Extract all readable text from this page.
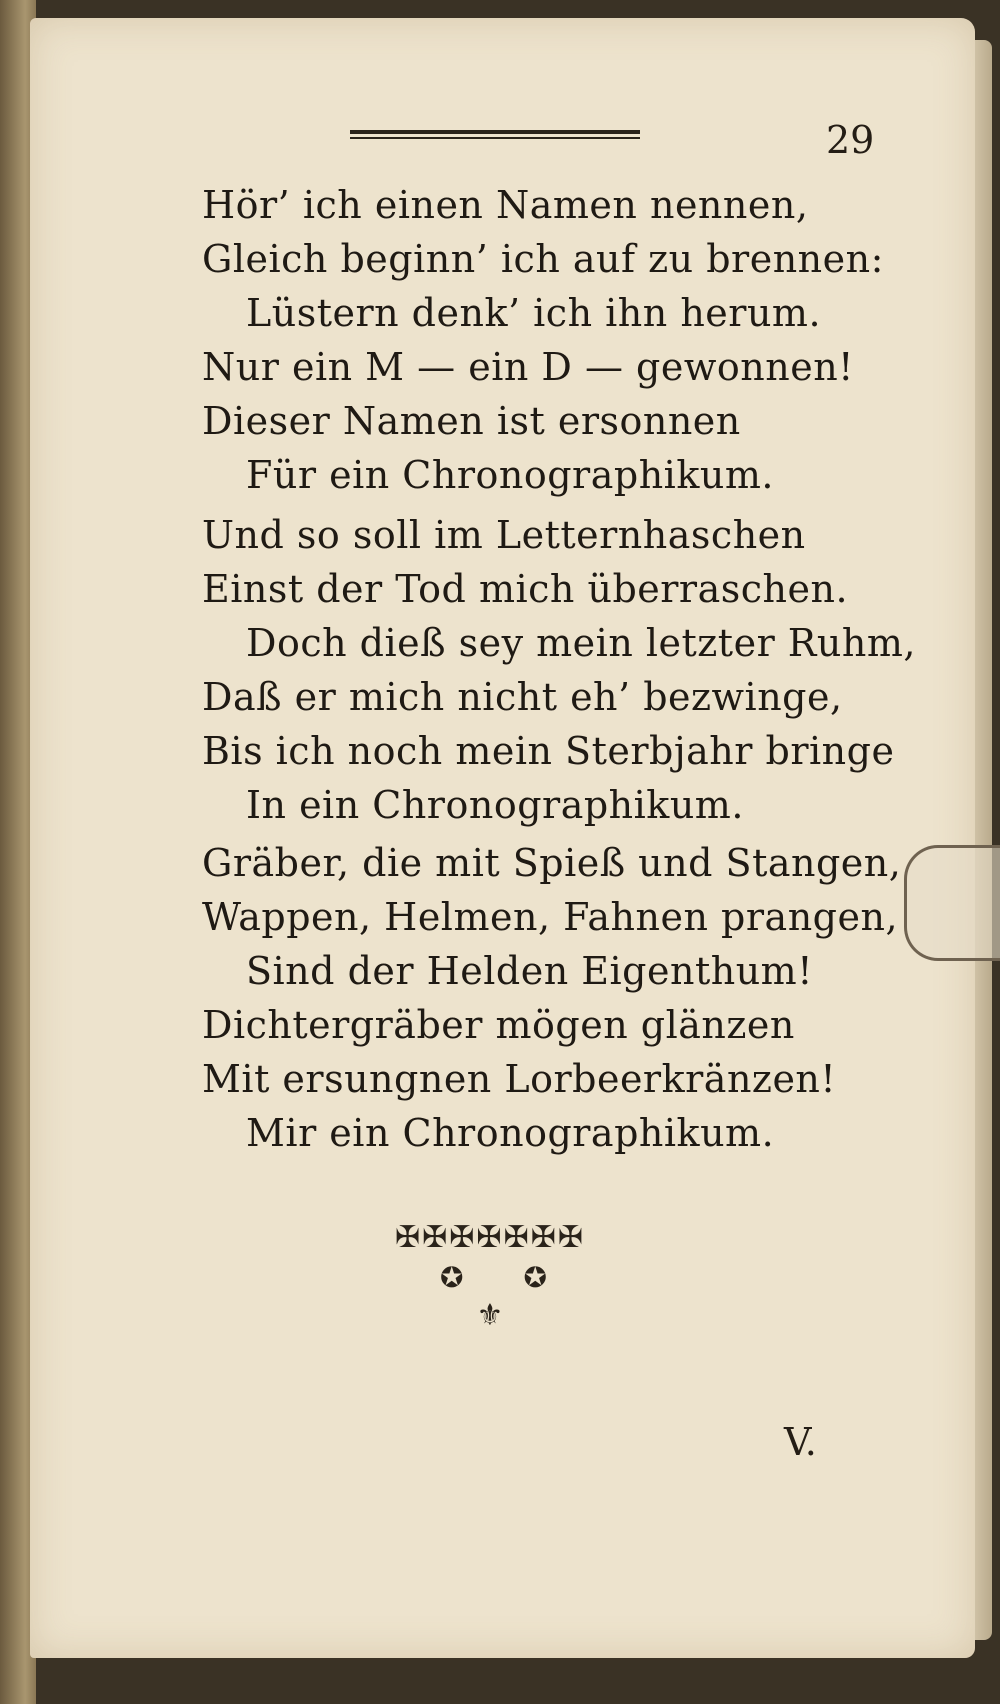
29
Hör’ ich einen Namen nennen,
Gleich beginn’ ich auf zu brennen:
Lüstern denk’ ich ihn herum.
Nur ein M — ein D — gewonnen!
Dieser Namen ist ersonnen
Für ein Chronographikum.
Und so soll im Letternhaschen
Einst der Tod mich überraschen.
Doch dieß sey mein letzter Ruhm,
Daß er mich nicht eh’ bezwinge,
Bis ich noch mein Sterbjahr bringe
In ein Chronographikum.
Gräber, die mit Spieß und Stangen,
Wappen, Helmen, Fahnen prangen,
Sind der Helden Eigenthum!
Dichtergräber mögen glänzen
Mit ersungnen Lorbeerkränzen!
Mir ein Chronographikum.
✠✠✠✠✠✠✠
✪✪
⚜
V.
